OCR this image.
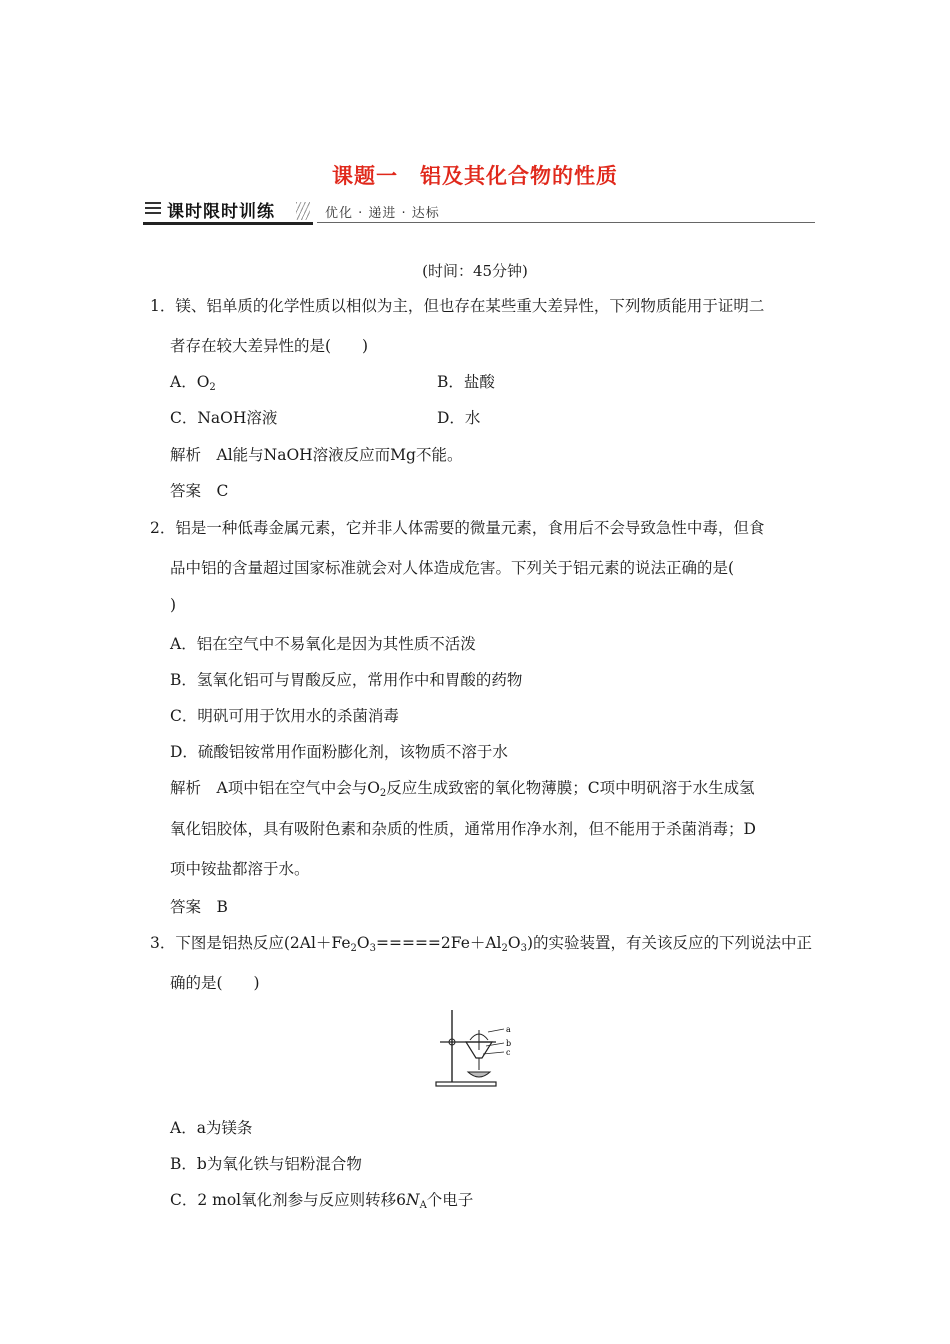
课题一　铝及其化合物的性质
课时限时训练	优化 · 递进 · 达标
(时间：45分钟)
1．镁、铝单质的化学性质以相似为主，但也存在某些重大差异性，下列物质能用于证明二
者存在较大差异性的是(　　)
A．$O_2$	B．盐酸
C．NaOH溶液	D．水
解析　Al能与NaOH溶液反应而Mg不能。
答案　C
2．铝是一种低毒金属元素，它并非人体需要的微量元素，食用后不会导致急性中毒，但食
品中铝的含量超过国家标准就会对人体造成危害。下列关于铝元素的说法正确的是(
)
A．铝在空气中不易氧化是因为其性质不活泼
B．氢氧化铝可与胃酸反应，常用作中和胃酸的药物
C．明矾可用于饮用水的杀菌消毒
D．硫酸铝铵常用作面粉膨化剂，该物质不溶于水
解析　A项中铝在空气中会与$O_2$反应生成致密的氧化物薄膜；C项中明矾溶于水生成氢
氧化铝胶体，具有吸附色素和杂质的性质，通常用作净水剂，但不能用于杀菌消毒；D
项中铵盐都溶于水。
答案　B
3．下图是铝热反应$(2Al+Fe_2O_3=====2Fe+Al_2O_3)$的实验装置，有关该反应的下列说法中正
确的是(　　)
a
b
c
A．a为镁条
B．b为氧化铁与铝粉混合物
C．2 mol氧化剂参与反应则转移$6N_A$个电子
